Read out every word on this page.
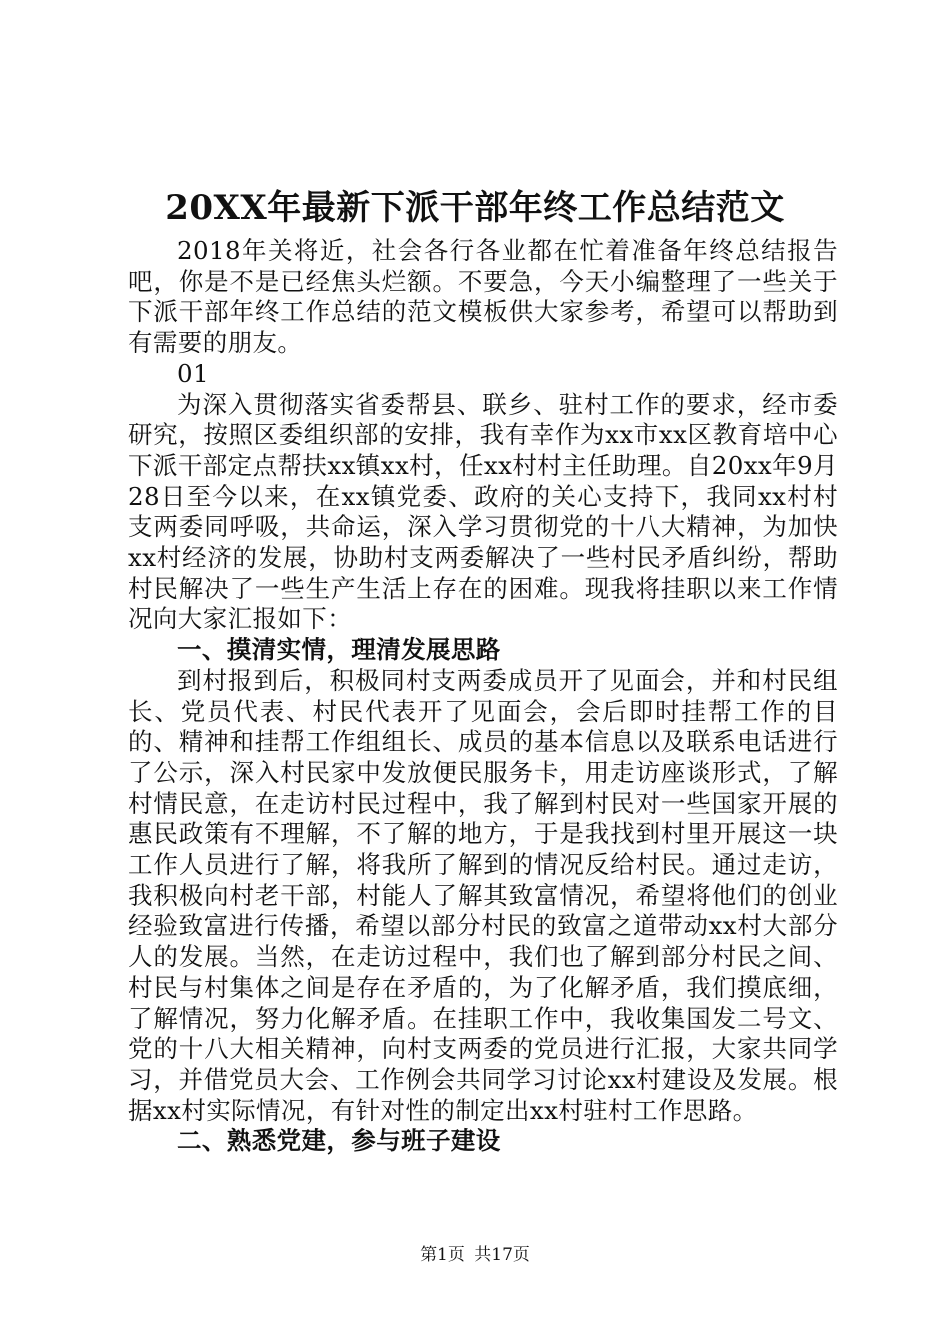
20XX年最新下派干部年终工作总结范文

2018年关将近，社会各行各业都在忙着准备年终总结报告吧，你是不是已经焦头烂额。不要急，今天小编整理了一些关于下派干部年终工作总结的范文模板供大家参考，希望可以帮助到有需要的朋友。

01

为深入贯彻落实省委帮县、联乡、驻村工作的要求，经市委研究，按照区委组织部的安排，我有幸作为xx市xx区教育培中心下派干部定点帮扶xx镇xx村，任xx村村主任助理。自20xx年9月28日至今以来，在xx镇党委、政府的关心支持下，我同xx村村支两委同呼吸，共命运，深入学习贯彻党的十八大精神，为加快xx村经济的发展，协助村支两委解决了一些村民矛盾纠纷，帮助村民解决了一些生产生活上存在的困难。现我将挂职以来工作情况向大家汇报如下：

一、摸清实情，理清发展思路

到村报到后，积极同村支两委成员开了见面会，并和村民组长、党员代表、村民代表开了见面会，会后即时挂帮工作的目的、精神和挂帮工作组组长、成员的基本信息以及联系电话进行了公示，深入村民家中发放便民服务卡，用走访座谈形式，了解村情民意，在走访村民过程中，我了解到村民对一些国家开展的惠民政策有不理解，不了解的地方，于是我找到村里开展这一块工作人员进行了解，将我所了解到的情况反给村民。通过走访，我积极向村老干部，村能人了解其致富情况，希望将他们的创业经验致富进行传播，希望以部分村民的致富之道带动xx村大部分人的发展。当然，在走访过程中，我们也了解到部分村民之间、村民与村集体之间是存在矛盾的，为了化解矛盾，我们摸底细，了解情况，努力化解矛盾。在挂职工作中，我收集国发二号文、党的十八大相关精神，向村支两委的党员进行汇报，大家共同学习，并借党员大会、工作例会共同学习讨论xx村建设及发展。根据xx村实际情况，有针对性的制定出xx村驻村工作思路。

二、熟悉党建，参与班子建设

第1页 共17页
